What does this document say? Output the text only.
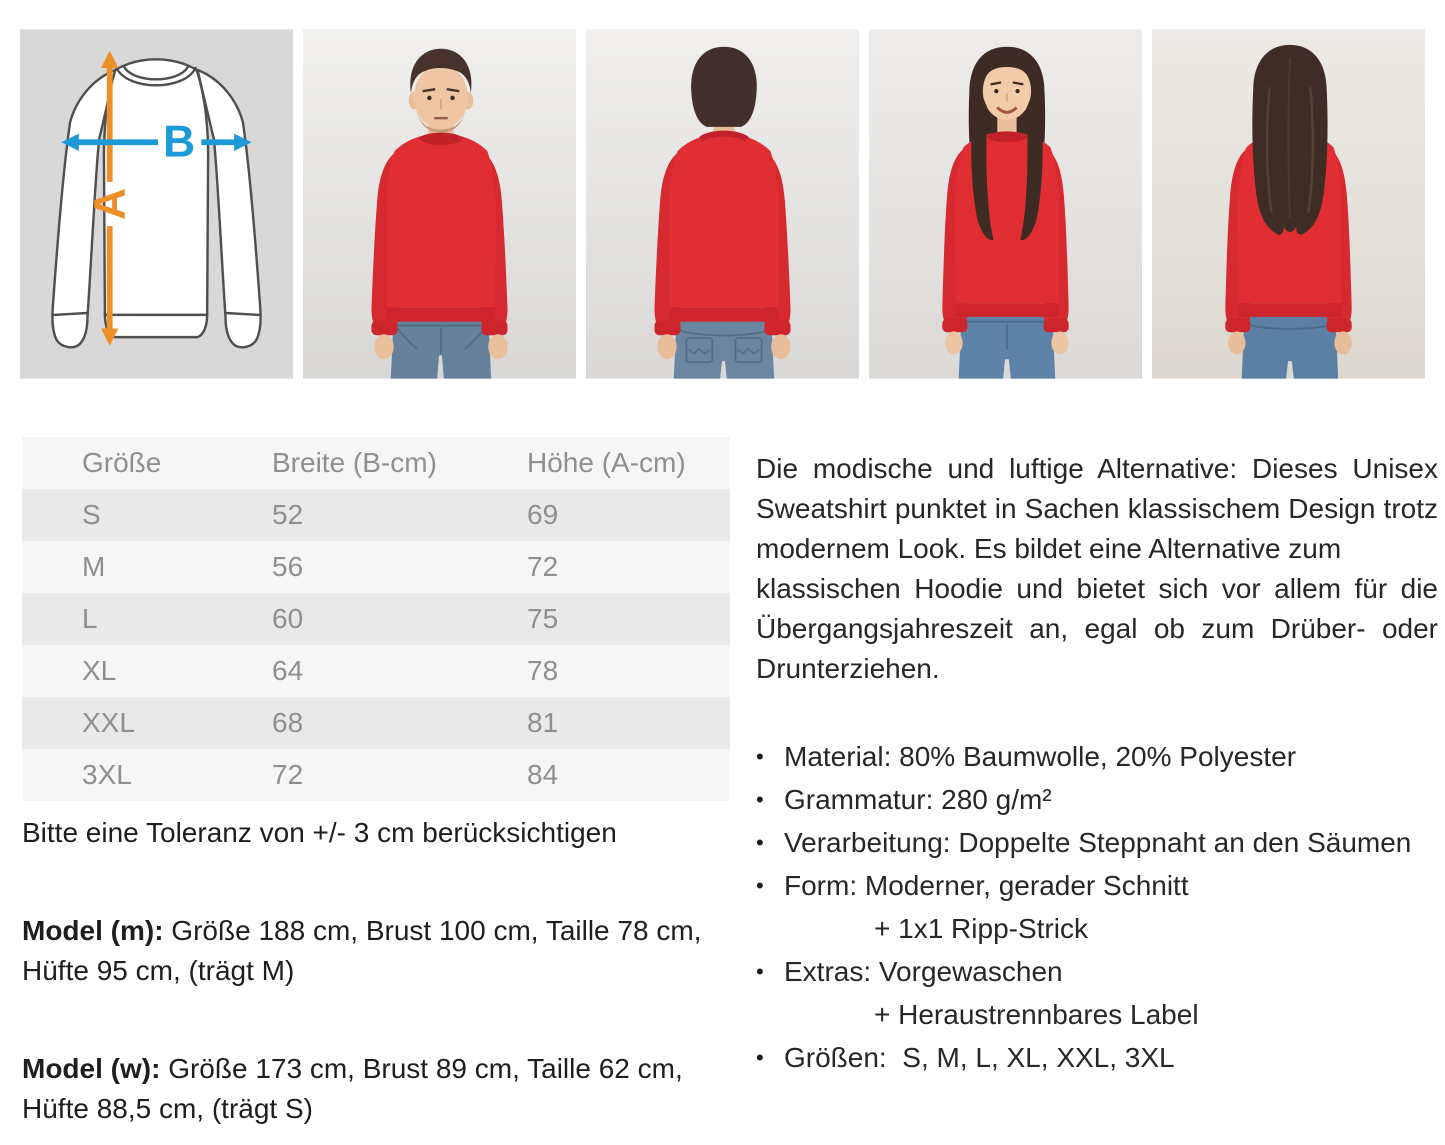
A
B
Größe	Breite (B-cm)	Höhe (A-cm)
S	52	69
M	56	72
L	60	75
XL	64	78
XXL	68	81
3XL	72	84

Bitte eine Toleranz von +/- 3 cm berücksichtigen

Model (m): Größe 188 cm, Brust 100 cm, Taille 78 cm, Hüfte 95 cm, (trägt M)

Model (w): Größe 173 cm, Brust 89 cm, Taille 62 cm, Hüfte 88,5 cm, (trägt S)

Die modische und luftige Alternative: Dieses Unisex Sweatshirt punktet in Sachen klassischem Design trotz modernem Look. Es bildet eine Alternative zum

klassischen Hoodie und bietet sich vor allem für die Übergangsjahreszeit an, egal ob zum Drüber- oder Drunterziehen.

• Material: 80% Baumwolle, 20% Polyester
• Grammatur: 280 g/m²
• Verarbeitung: Doppelte Steppnaht an den Säumen
• Form: Moderner, gerader Schnitt
+ 1x1 Ripp-Strick
• Extras: Vorgewaschen
+ Heraustrennbares Label
• Größen:  S, M, L, XL, XXL, 3XL
